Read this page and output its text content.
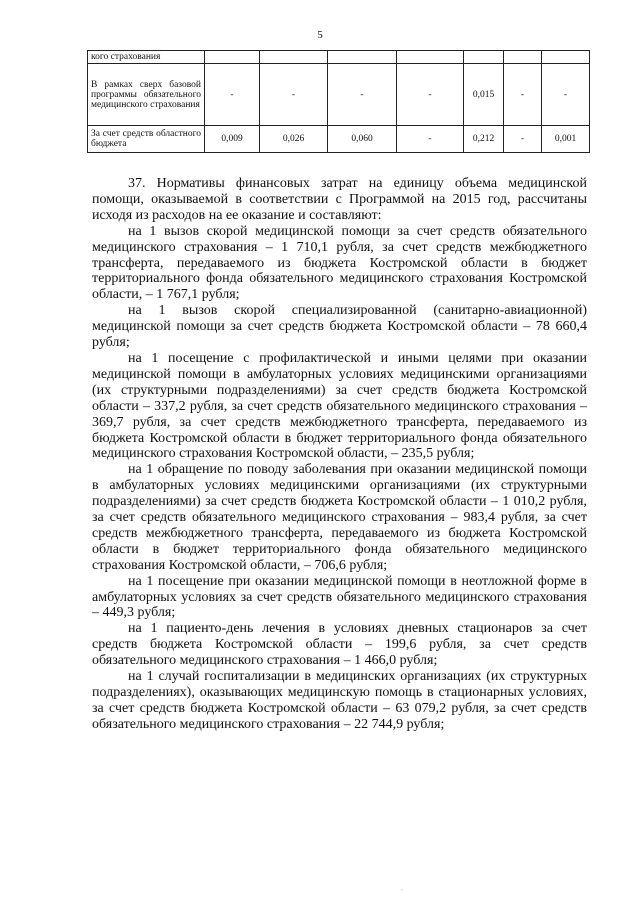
5
кого страхования							
В рамках сверх базовой программы обязательного медицинского страхования	-	-	-	-	0,015	-	-
За счет средств областного бюджета	0,009	0,026	0,060	-	0,212	-	0,001

37. Нормативы финансовых затрат на единицу объема медицинской помощи, оказываемой в соответствии с Программой на 2015 год, рассчитаны исходя из расходов на ее оказание и составляют:

на 1 вызов скорой медицинской помощи за счет средств обязательного медицинского страхования – 1 710,1 рубля, за счет средств межбюджетного трансферта, передаваемого из бюджета Костромской области в бюджет территориального фонда обязательного медицинского страхования Костромской области, – 1 767,1 рубля;

на 1 вызов скорой специализированной (санитарно-авиационной) медицинской помощи за счет средств бюджета Костромской области – 78 660,4 рубля;

на 1 посещение с профилактической и иными целями при оказании медицинской помощи в амбулаторных условиях медицинскими организациями (их структурными подразделениями) за счет средств бюджета Костромской области – 337,2 рубля, за счет средств обязательного медицинского страхования – 369,7 рубля, за счет средств межбюджетного трансферта, передаваемого из бюджета Костромской области в бюджет территориального фонда обязательного медицинского страхования Костромской области, – 235,5 рубля;

на 1 обращение по поводу заболевания при оказании медицинской помощи в амбулаторных условиях медицинскими организациями (их структурными подразделениями) за счет средств бюджета Костромской области – 1 010,2 рубля, за счет средств обязательного медицинского страхования – 983,4 рубля, за счет средств межбюджетного трансферта, передаваемого из бюджета Костромской области в бюджет территориального фонда обязательного медицинского страхования Костромской области, – 706,6 рубля;

на 1 посещение при оказании медицинской помощи в неотложной форме в амбулаторных условиях за счет средств обязательного медицинского страхования – 449,3 рубля;

на 1 пациенто-день лечения в условиях дневных стационаров за счет средств бюджета Костромской области – 199,6 рубля, за счет средств обязательного медицинского страхования – 1 466,0 рубля;

на 1 случай госпитализации в медицинских организациях (их структурных подразделениях), оказывающих медицинскую помощь в стационарных условиях, за счет средств бюджета Костромской области – 63 079,2 рубля, за счет средств обязательного медицинского страхования – 22 744,9 рубля;

,
